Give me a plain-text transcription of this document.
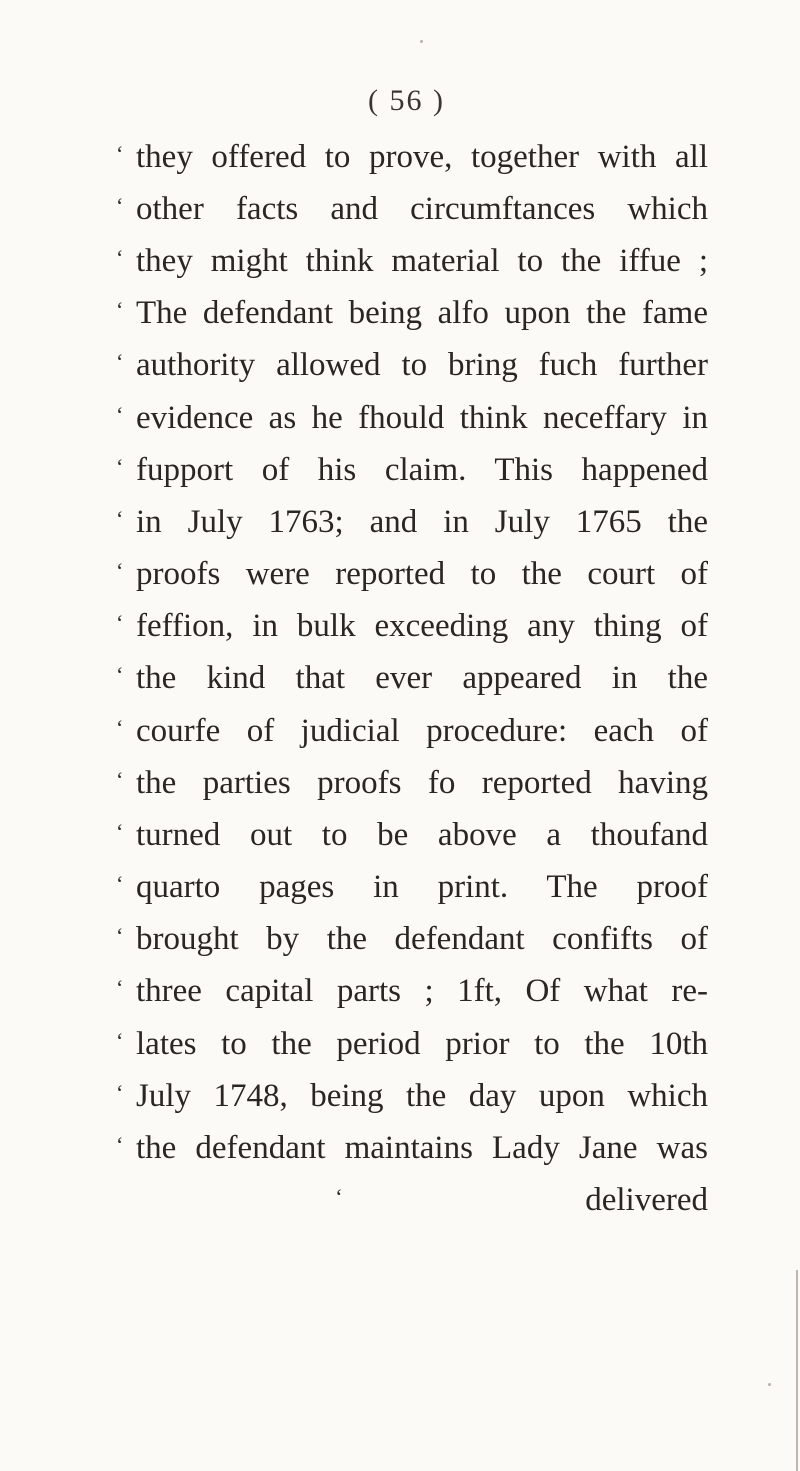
( 56 )
‘ they offered to prove, together with all
‘ other facts and circumftances which
‘ they might think material to the iffue ;
‘ The defendant being alfo upon the fame
‘ authority allowed to bring fuch further
‘ evidence as he fhould think neceffary in
‘ fupport of his claim. This happened
‘ in July 1763; and in July 1765 the
‘ proofs were reported to the court of
‘ feffion, in bulk exceeding any thing of
‘ the kind that ever appeared in the
‘ courfe of judicial procedure: each of
‘ the parties proofs fo reported having
‘ turned out to be above a thoufand
‘ quarto pages in print. The proof
‘ brought by the defendant confifts of
‘ three capital parts ; 1ft, Of what re-
‘ lates to the period prior to the 10th
‘ July 1748, being the day upon which
‘ the defendant maintains Lady Jane was
‘	delivered
